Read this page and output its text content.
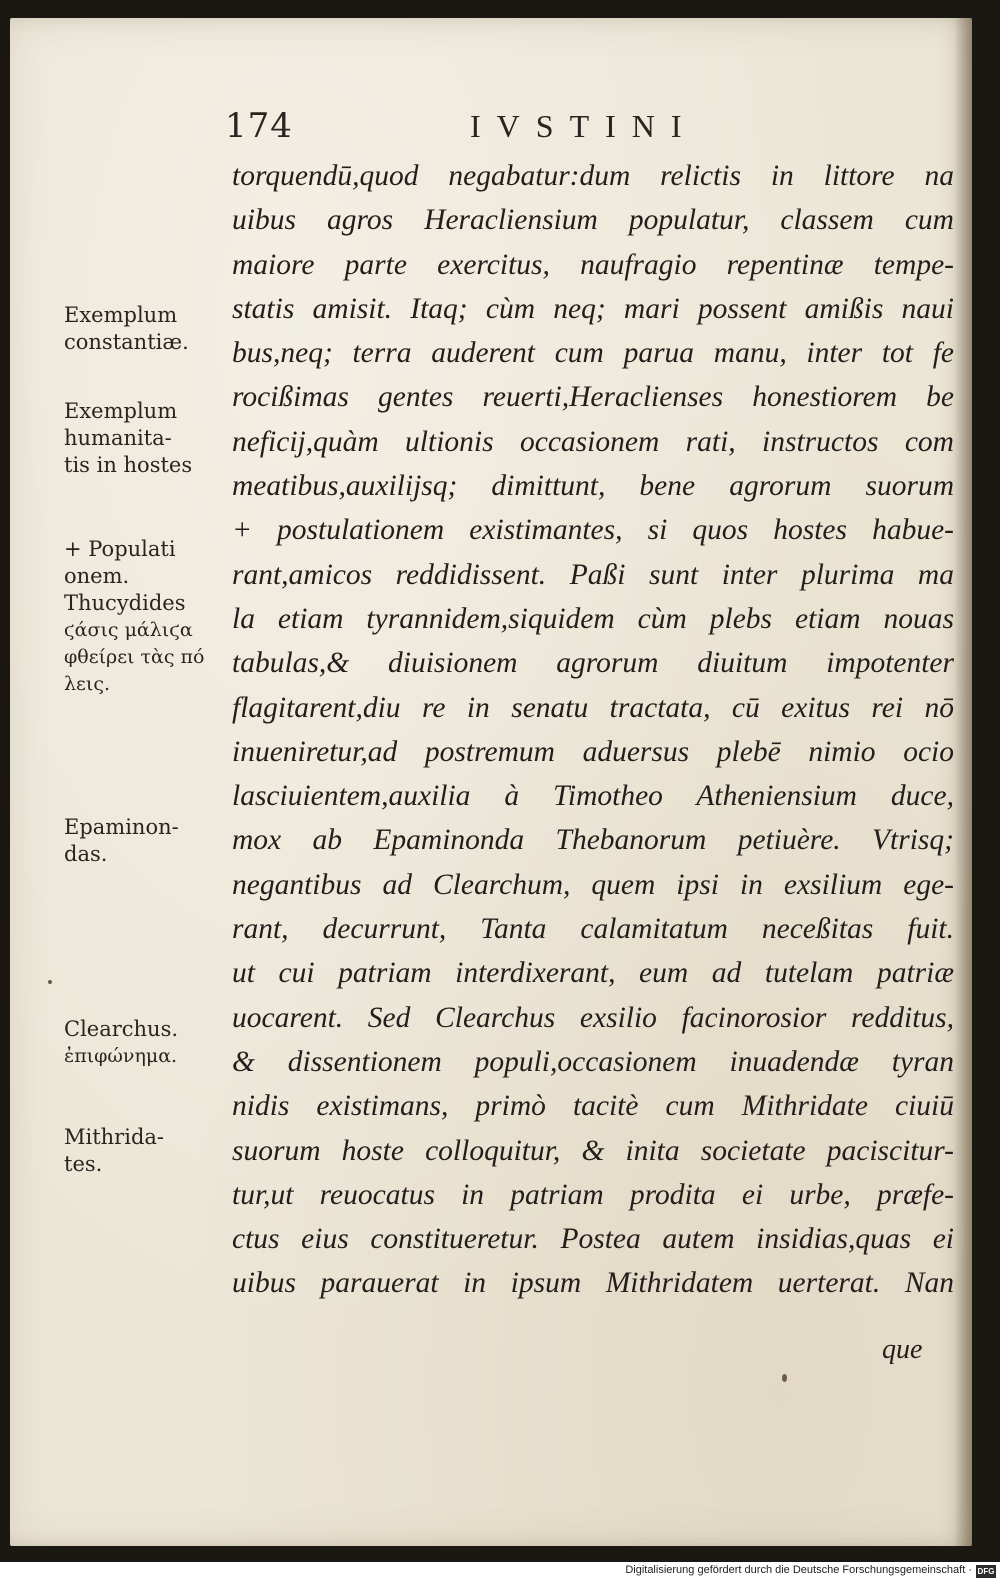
174	IVSTINI
torquendū,quod negabatur:dum relictis in littore na
uibus agros Heracliensium populatur, classem cum
maiore parte exercitus, naufragio repentinæ tempe-
statis amisit. Itaq; cùm neq; mari possent amißis naui
bus,neq; terra auderent cum parua manu, inter tot fe
rocißimas gentes reuerti,Heraclienses honestiorem be
neficij,quàm ultionis occasionem rati, instructos com
meatibus,auxilijsq; dimittunt, bene agrorum suorum
+ postulationem existimantes, si quos hostes habue-
rant,amicos reddidissent. Paßi sunt inter plurima ma
la etiam tyrannidem,siquidem cùm plebs etiam nouas
tabulas,& diuisionem agrorum diuitum impotenter
flagitarent,diu re in senatu tractata, cū exitus rei nō
inueniretur,ad postremum aduersus plebē nimio ocio
lasciuientem,auxilia à Timotheo Atheniensium duce,
mox ab Epaminonda Thebanorum petiuère. Vtrisq;
negantibus ad Clearchum, quem ipsi in exsilium ege-
rant, decurrunt, Tanta calamitatum neceßitas fuit.
ut cui patriam interdixerant, eum ad tutelam patriæ
uocarent. Sed Clearchus exsilio facinorosior redditus,
& dissentionem populi,occasionem inuadendæ tyran
nidis existimans, primò tacitè cum Mithridate ciuiū
suorum hoste colloquitur, & inita societate paciscitur-
tur,ut reuocatus in patriam prodita ei urbe, præfe-
ctus eius constitueretur. Postea autem insidias,quas ei
uibus parauerat in ipsum Mithridatem uerterat. Nan
que
Exemplum
constantiæ.
Exemplum
humanita-
tis in hostes
+ Populati
onem.
Thucydides
ϛάσις μάλιϛα
φθείρει τὰς πό
λεις.
Epaminon-
das.
Clearchus.
ἐπιφώνημα.
Mithrida-
tes.
Digitalisierung gefördert durch die Deutsche Forschungsgemeinschaft · DFG
